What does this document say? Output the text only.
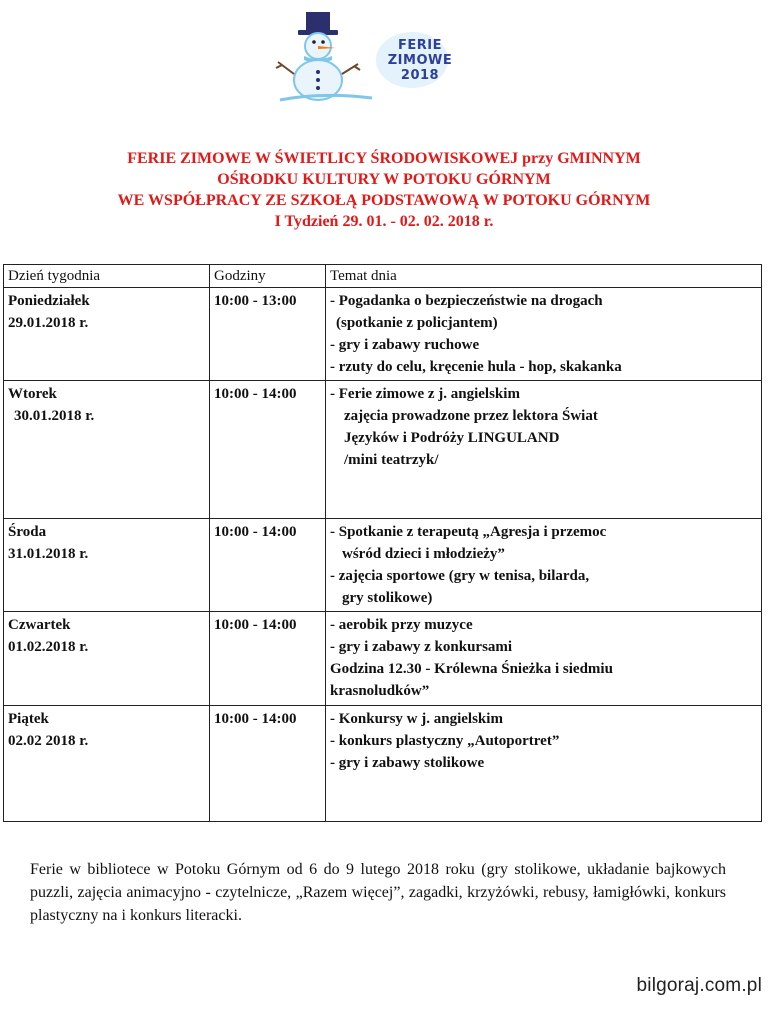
FERIE
ZIMOWE
2018
FERIE ZIMOWE W ŚWIETLICY ŚRODOWISKOWEJ przy GMINNYM
OŚRODKU KULTURY W POTOKU GÓRNYM
WE WSPÓŁPRACY ZE SZKOŁĄ PODSTAWOWĄ W POTOKU GÓRNYM
I Tydzień 29. 01. - 02. 02. 2018 r.
Dzień tygodnia	Godziny	Temat dnia

Poniedziałek
29.01.2018 r.	10:00 - 13:00	- Pogadanka o bezpieczeństwie na drogach
(spotkanie z policjantem)
- gry i zabawy ruchowe
- rzuty do celu, kręcenie hula - hop, skakanka

Wtorek
30.01.2018 r.	10:00 - 14:00	- Ferie zimowe z j. angielskim
zajęcia prowadzone przez lektora Świat
Języków i Podróży LINGULAND
/mini teatrzyk/

Środa
31.01.2018 r.	10:00 - 14:00	- Spotkanie z terapeutą „Agresja i przemoc
wśród dzieci i młodzieży”
- zajęcia sportowe (gry w tenisa, bilarda,
gry stolikowe)

Czwartek
01.02.2018 r.	10:00 - 14:00	- aerobik przy muzyce
- gry i zabawy z konkursami
Godzina 12.30 - Królewna Śnieżka i siedmiu
krasnoludków”

Piątek
02.02 2018 r.	10:00 - 14:00	- Konkursy w j. angielskim
- konkurs plastyczny „Autoportret”
- gry i zabawy stolikowe
Ferie w bibliotece w Potoku Górnym od 6 do 9 lutego 2018 roku (gry stolikowe, układanie bajkowych puzzli, zajęcia animacyjno - czytelnicze, „Razem więcej”, zagadki, krzyżówki, rebusy, łamigłówki, konkurs plastyczny na i konkurs literacki.
bilgoraj.com.pl
